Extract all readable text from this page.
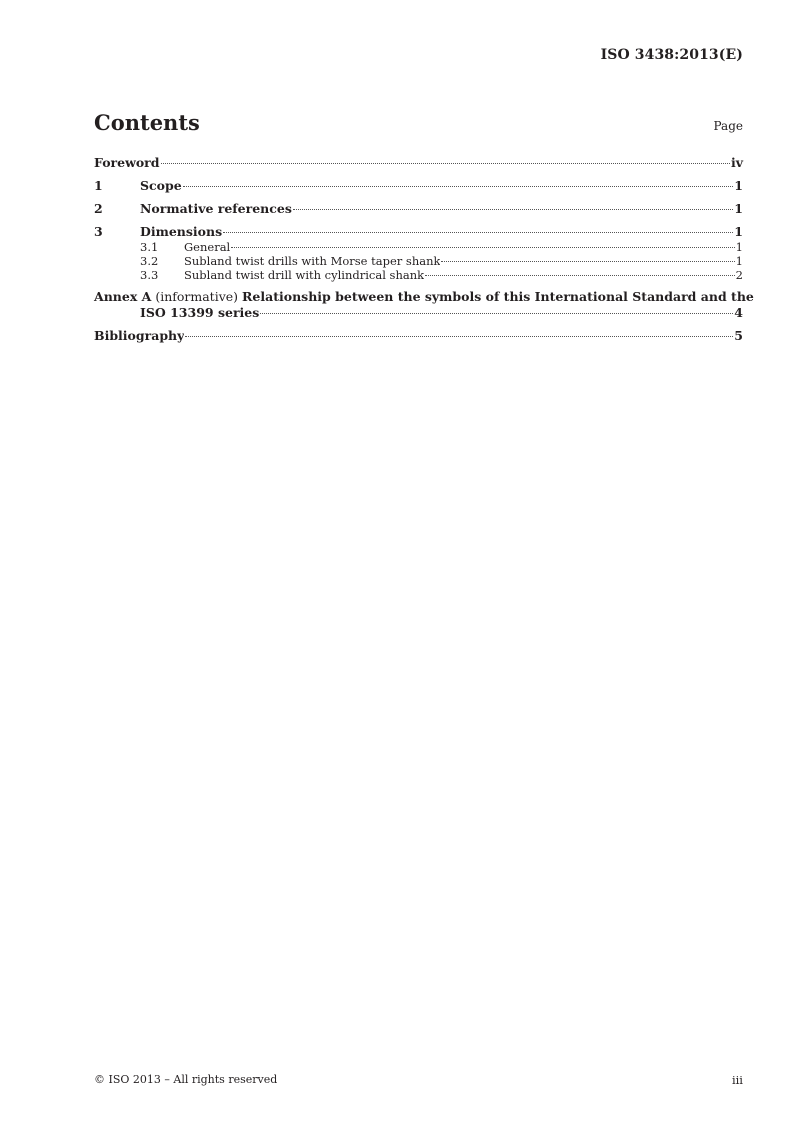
ISO 3438:2013(E)
Contents	Page
Foreword	iv
1	Scope	1
2	Normative references	1
3	Dimensions	1
3.1	General	1
3.2	Subland twist drills with Morse taper shank	1
3.3	Subland twist drill with cylindrical shank	2
Annex A
(informative)
Relationship between the symbols of this International Standard and the
ISO 13399 series	4
Bibliography	5
© ISO 2013 – All rights reserved	iii
